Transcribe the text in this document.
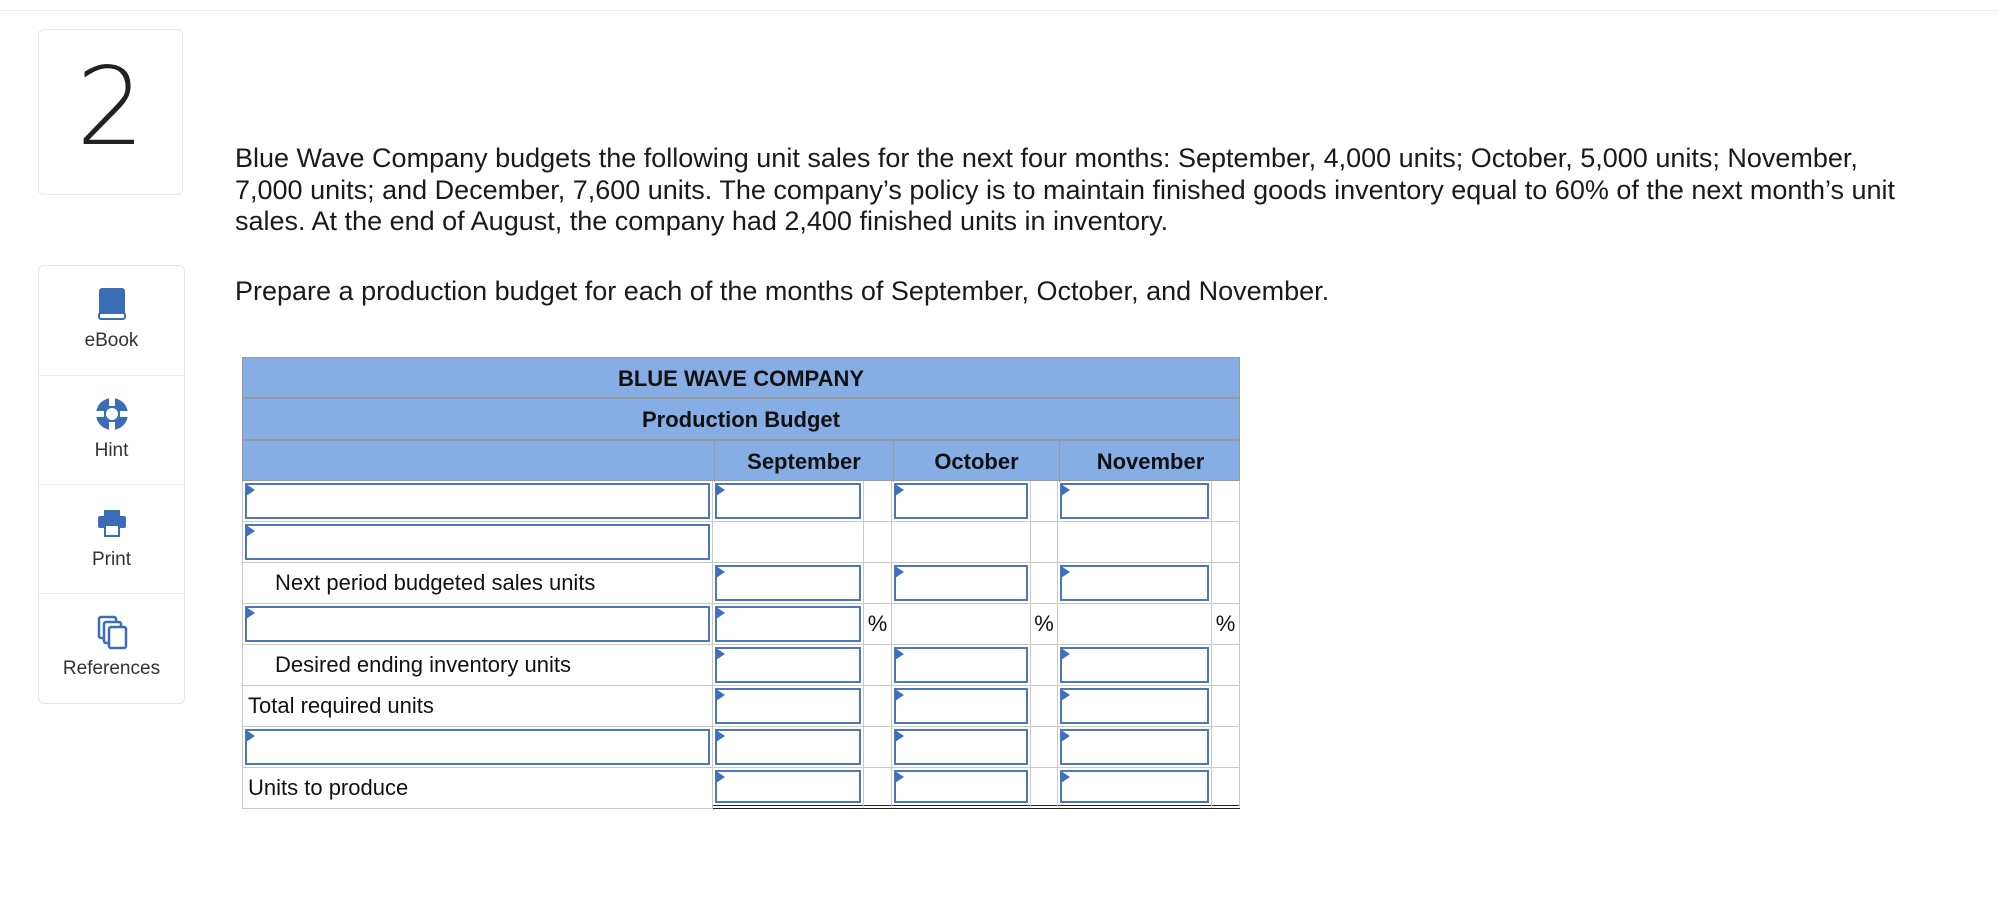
2
eBook
Hint
Print
References
Blue Wave Company budgets the following unit sales for the next four months: September, 4,000 units; October, 5,000 units; November, 7,000 units; and December, 7,600 units. The company’s policy is to maintain finished goods inventory equal to 60% of the next month’s unit sales. At the end of August, the company had 2,400 finished units in inventory.
Prepare a production budget for each of the months of September, October, and November.
BLUE WAVE COMPANY
Production Budget
September	October	November
Next period budgeted sales units
%	%	%
Desired ending inventory units
Total required units
Units to produce
